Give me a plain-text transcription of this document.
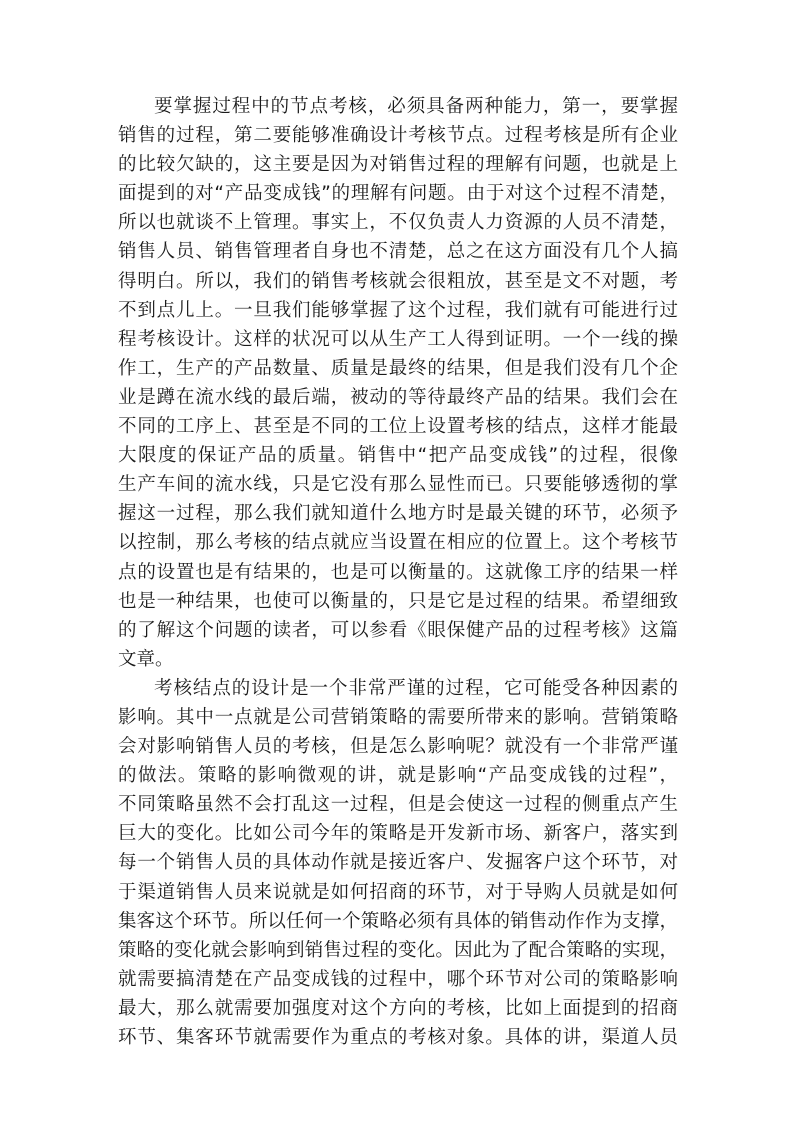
要掌握过程中的节点考核，必须具备两种能力，第一，要掌握
销售的过程，第二要能够准确设计考核节点。过程考核是所有企业
的比较欠缺的，这主要是因为对销售过程的理解有问题，也就是上
面提到的对“产品变成钱”的理解有问题。由于对这个过程不清楚，
所以也就谈不上管理。事实上，不仅负责人力资源的人员不清楚，
销售人员、销售管理者自身也不清楚，总之在这方面没有几个人搞
得明白。所以，我们的销售考核就会很粗放，甚至是文不对题，考
不到点儿上。一旦我们能够掌握了这个过程，我们就有可能进行过
程考核设计。这样的状况可以从生产工人得到证明。一个一线的操
作工，生产的产品数量、质量是最终的结果，但是我们没有几个企
业是蹲在流水线的最后端，被动的等待最终产品的结果。我们会在
不同的工序上、甚至是不同的工位上设置考核的结点，这样才能最
大限度的保证产品的质量。销售中“把产品变成钱”的过程，很像
生产车间的流水线，只是它没有那么显性而已。只要能够透彻的掌
握这一过程，那么我们就知道什么地方时是最关键的环节，必须予
以控制，那么考核的结点就应当设置在相应的位置上。这个考核节
点的设置也是有结果的，也是可以衡量的。这就像工序的结果一样
也是一种结果，也使可以衡量的，只是它是过程的结果。希望细致
的了解这个问题的读者，可以参看《眼保健产品的过程考核》这篇
文章。
考核结点的设计是一个非常严谨的过程，它可能受各种因素的
影响。其中一点就是公司营销策略的需要所带来的影响。营销策略
会对影响销售人员的考核，但是怎么影响呢？就没有一个非常严谨
的做法。策略的影响微观的讲，就是影响“产品变成钱的过程”，
不同策略虽然不会打乱这一过程，但是会使这一过程的侧重点产生
巨大的变化。比如公司今年的策略是开发新市场、新客户，落实到
每一个销售人员的具体动作就是接近客户、发掘客户这个环节，对
于渠道销售人员来说就是如何招商的环节，对于导购人员就是如何
集客这个环节。所以任何一个策略必须有具体的销售动作作为支撑，
策略的变化就会影响到销售过程的变化。因此为了配合策略的实现，
就需要搞清楚在产品变成钱的过程中，哪个环节对公司的策略影响
最大，那么就需要加强度对这个方向的考核，比如上面提到的招商
环节、集客环节就需要作为重点的考核对象。具体的讲，渠道人员
